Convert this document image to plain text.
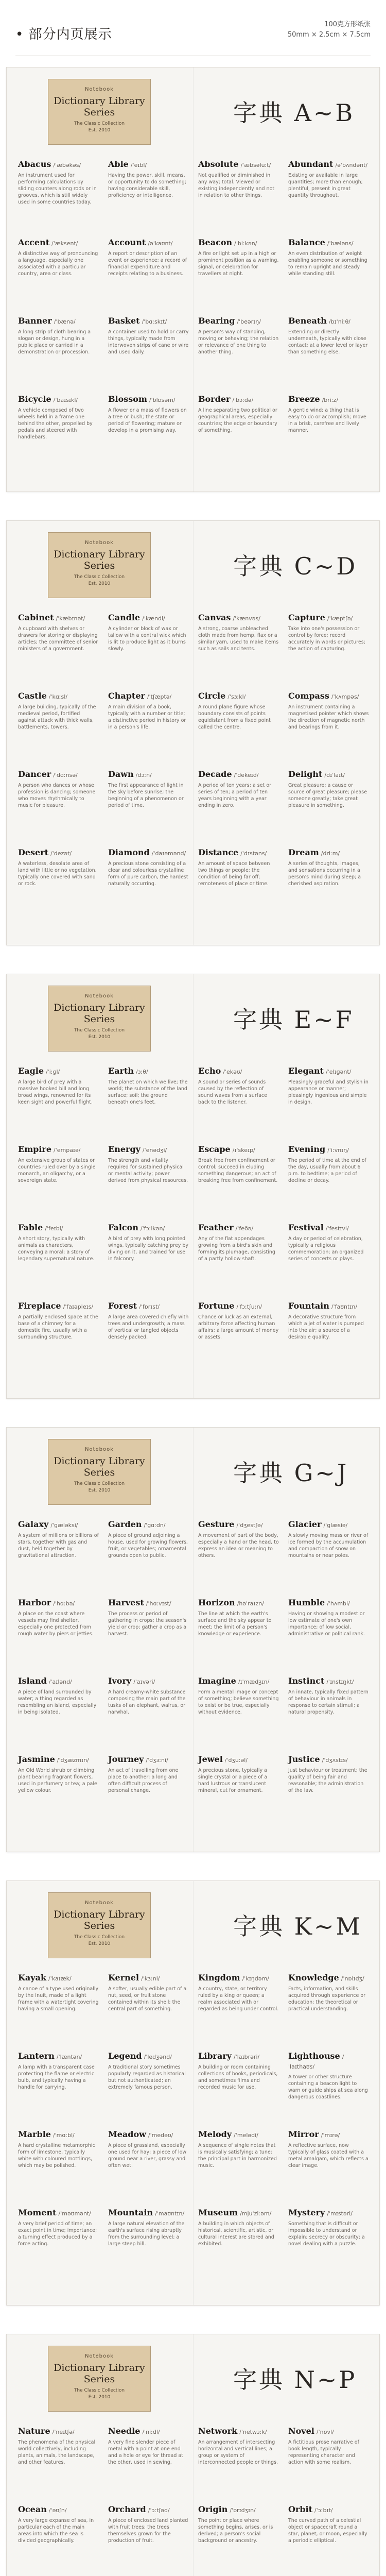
• 部分内页展示
100克方形纸张
50mm × 2.5cm × 7.5cm
Notebook
Dictionary Library Series
The Classic Collection
Est. 2010
字典 A~B
Abacus /ˈæbəkəs/
An instrument used for performing calculations by sliding counters along rods or in grooves, which is still widely used in some countries today.
Able /ˈeɪbl/
Having the power, skill, means, or opportunity to do something; having considerable skill, proficiency or intelligence.
Absolute /ˈæbsəluːt/
Not qualified or diminished in any way; total. Viewed or existing independently and not in relation to other things.
Abundant /əˈbʌndənt/
Existing or available in large quantities; more than enough; plentiful, present in great quantity throughout.
Accent /ˈæksent/
A distinctive way of pronouncing a language, especially one associated with a particular country, area or class.
Account /əˈkaʊnt/
A report or description of an event or experience; a record of financial expenditure and receipts relating to a business.
Beacon /ˈbiːkən/
A fire or light set up in a high or prominent position as a warning, signal, or celebration for travellers at night.
Balance /ˈbæləns/
An even distribution of weight enabling someone or something to remain upright and steady while standing still.
Banner /ˈbænə/
A long strip of cloth bearing a slogan or design, hung in a public place or carried in a demonstration or procession.
Basket /ˈbɑːskɪt/
A container used to hold or carry things, typically made from interwoven strips of cane or wire and used daily.
Bearing /ˈbeərɪŋ/
A person's way of standing, moving or behaving; the relation or relevance of one thing to another thing.
Beneath /bɪˈniːθ/
Extending or directly underneath, typically with close contact; at a lower level or layer than something else.
Bicycle /ˈbaɪsɪkl/
A vehicle composed of two wheels held in a frame one behind the other, propelled by pedals and steered with handlebars.
Blossom /ˈblɒsəm/
A flower or a mass of flowers on a tree or bush; the state or period of flowering; mature or develop in a promising way.
Border /ˈbɔːdə/
A line separating two political or geographical areas, especially countries; the edge or boundary of something.
Breeze /briːz/
A gentle wind; a thing that is easy to do or accomplish; move in a brisk, carefree and lively manner.
Notebook
Dictionary Library Series
The Classic Collection
Est. 2010
字典 C~D
Cabinet /ˈkæbɪnət/
A cupboard with shelves or drawers for storing or displaying articles; the committee of senior ministers of a government.
Candle /ˈkændl/
A cylinder or block of wax or tallow with a central wick which is lit to produce light as it burns slowly.
Canvas /ˈkænvəs/
A strong, coarse unbleached cloth made from hemp, flax or a similar yarn, used to make items such as sails and tents.
Capture /ˈkæptʃə/
Take into one's possession or control by force; record accurately in words or pictures; the action of capturing.
Castle /ˈkɑːsl/
A large building, typically of the medieval period, fortified against attack with thick walls, battlements, towers.
Chapter /ˈtʃæptə/
A main division of a book, typically with a number or title; a distinctive period in history or in a person's life.
Circle /ˈsɜːkl/
A round plane figure whose boundary consists of points equidistant from a fixed point called the centre.
Compass /ˈkʌmpəs/
An instrument containing a magnetised pointer which shows the direction of magnetic north and bearings from it.
Dancer /ˈdɑːnsə/
A person who dances or whose profession is dancing; someone who moves rhythmically to music for pleasure.
Dawn /dɔːn/
The first appearance of light in the sky before sunrise; the beginning of a phenomenon or period of time.
Decade /ˈdekeɪd/
A period of ten years; a set or series of ten; a period of ten years beginning with a year ending in zero.
Delight /dɪˈlaɪt/
Great pleasure; a cause or source of great pleasure; please someone greatly; take great pleasure in something.
Desert /ˈdezət/
A waterless, desolate area of land with little or no vegetation, typically one covered with sand or rock.
Diamond /ˈdaɪəmənd/
A precious stone consisting of a clear and colourless crystalline form of pure carbon, the hardest naturally occurring.
Distance /ˈdɪstəns/
An amount of space between two things or people; the condition of being far off; remoteness of place or time.
Dream /driːm/
A series of thoughts, images, and sensations occurring in a person's mind during sleep; a cherished aspiration.
Notebook
Dictionary Library Series
The Classic Collection
Est. 2010
字典 E~F
Eagle /ˈiːɡl/
A large bird of prey with a massive hooked bill and long broad wings, renowned for its keen sight and powerful flight.
Earth /ɜːθ/
The planet on which we live; the world; the substance of the land surface; soil; the ground beneath one's feet.
Echo /ˈekəʊ/
A sound or series of sounds caused by the reflection of sound waves from a surface back to the listener.
Elegant /ˈelɪɡənt/
Pleasingly graceful and stylish in appearance or manner; pleasingly ingenious and simple in design.
Empire /ˈempaɪə/
An extensive group of states or countries ruled over by a single monarch, an oligarchy, or a sovereign state.
Energy /ˈenədʒi/
The strength and vitality required for sustained physical or mental activity; power derived from physical resources.
Escape /ɪˈskeɪp/
Break free from confinement or control; succeed in eluding something dangerous; an act of breaking free from confinement.
Evening /ˈiːvnɪŋ/
The period of time at the end of the day, usually from about 6 p.m. to bedtime; a period of decline or decay.
Fable /ˈfeɪbl/
A short story, typically with animals as characters, conveying a moral; a story of legendary supernatural nature.
Falcon /ˈfɔːlkən/
A bird of prey with long pointed wings, typically catching prey by diving on it, and trained for use in falconry.
Feather /ˈfeðə/
Any of the flat appendages growing from a bird's skin and forming its plumage, consisting of a partly hollow shaft.
Festival /ˈfestɪvl/
A day or period of celebration, typically a religious commemoration; an organized series of concerts or plays.
Fireplace /ˈfaɪəpleɪs/
A partially enclosed space at the base of a chimney for a domestic fire, usually with a surrounding structure.
Forest /ˈfɒrɪst/
A large area covered chiefly with trees and undergrowth; a mass of vertical or tangled objects densely packed.
Fortune /ˈfɔːtʃuːn/
Chance or luck as an external, arbitrary force affecting human affairs; a large amount of money or assets.
Fountain /ˈfaʊntɪn/
A decorative structure from which a jet of water is pumped into the air; a source of a desirable quality.
Notebook
Dictionary Library Series
The Classic Collection
Est. 2010
字典 G~J
Galaxy /ˈɡæləksi/
A system of millions or billions of stars, together with gas and dust, held together by gravitational attraction.
Garden /ˈɡɑːdn/
A piece of ground adjoining a house, used for growing flowers, fruit, or vegetables; ornamental grounds open to public.
Gesture /ˈdʒestʃə/
A movement of part of the body, especially a hand or the head, to express an idea or meaning to others.
Glacier /ˈɡlæsiə/
A slowly moving mass or river of ice formed by the accumulation and compaction of snow on mountains or near poles.
Harbor /ˈhɑːbə/
A place on the coast where vessels may find shelter, especially one protected from rough water by piers or jetties.
Harvest /ˈhɑːvɪst/
The process or period of gathering in crops; the season's yield or crop; gather a crop as a harvest.
Horizon /həˈraɪzn/
The line at which the earth's surface and the sky appear to meet; the limit of a person's knowledge or experience.
Humble /ˈhʌmbl/
Having or showing a modest or low estimate of one's own importance; of low social, administrative or political rank.
Island /ˈaɪlənd/
A piece of land surrounded by water; a thing regarded as resembling an island, especially in being isolated.
Ivory /ˈaɪvəri/
A hard creamy-white substance composing the main part of the tusks of an elephant, walrus, or narwhal.
Imagine /ɪˈmædʒɪn/
Form a mental image or concept of something; believe something to exist or be true, especially without evidence.
Instinct /ˈɪnstɪŋkt/
An innate, typically fixed pattern of behaviour in animals in response to certain stimuli; a natural propensity.
Jasmine /ˈdʒæzmɪn/
An Old World shrub or climbing plant bearing fragrant flowers, used in perfumery or tea; a pale yellow colour.
Journey /ˈdʒɜːni/
An act of travelling from one place to another; a long and often difficult process of personal change.
Jewel /ˈdʒuːəl/
A precious stone, typically a single crystal or a piece of a hard lustrous or translucent mineral, cut for ornament.
Justice /ˈdʒʌstɪs/
Just behaviour or treatment; the quality of being fair and reasonable; the administration of the law.
Notebook
Dictionary Library Series
The Classic Collection
Est. 2010
字典 K~M
Kayak /ˈkaɪæk/
A canoe of a type used originally by the Inuit, made of a light frame with a watertight covering having a small opening.
Kernel /ˈkɜːnl/
A softer, usually edible part of a nut, seed, or fruit stone contained within its shell; the central part of something.
Kingdom /ˈkɪŋdəm/
A country, state, or territory ruled by a king or queen; a realm associated with or regarded as being under control.
Knowledge /ˈnɒlɪdʒ/
Facts, information, and skills acquired through experience or education; the theoretical or practical understanding.
Lantern /ˈlæntən/
A lamp with a transparent case protecting the flame or electric bulb, and typically having a handle for carrying.
Legend /ˈledʒənd/
A traditional story sometimes popularly regarded as historical but not authenticated; an extremely famous person.
Library /ˈlaɪbrəri/
A building or room containing collections of books, periodicals, and sometimes films and recorded music for use.
Lighthouse /ˈlaɪthaʊs/
A tower or other structure containing a beacon light to warn or guide ships at sea along dangerous coastlines.
Marble /ˈmɑːbl/
A hard crystalline metamorphic form of limestone, typically white with coloured mottlings, which may be polished.
Meadow /ˈmedəʊ/
A piece of grassland, especially one used for hay; a piece of low ground near a river, grassy and often wet.
Melody /ˈmelədi/
A sequence of single notes that is musically satisfying; a tune; the principal part in harmonized music.
Mirror /ˈmɪrə/
A reflective surface, now typically of glass coated with a metal amalgam, which reflects a clear image.
Moment /ˈməʊmənt/
A very brief period of time; an exact point in time; importance; a turning effect produced by a force acting.
Mountain /ˈmaʊntɪn/
A large natural elevation of the earth's surface rising abruptly from the surrounding level; a large steep hill.
Museum /mjuˈziːəm/
A building in which objects of historical, scientific, artistic, or cultural interest are stored and exhibited.
Mystery /ˈmɪstəri/
Something that is difficult or impossible to understand or explain; secrecy or obscurity; a novel dealing with a puzzle.
Notebook
Dictionary Library Series
The Classic Collection
Est. 2010
字典 N~P
Nature /ˈneɪtʃə/
The phenomena of the physical world collectively, including plants, animals, the landscape, and other features.
Needle /ˈniːdl/
A very fine slender piece of metal with a point at one end and a hole or eye for thread at the other, used in sewing.
Network /ˈnetwɜːk/
An arrangement of intersecting horizontal and vertical lines; a group or system of interconnected people or things.
Novel /ˈnɒvl/
A fictitious prose narrative of book length, typically representing character and action with some realism.
Ocean /ˈəʊʃn/
A very large expanse of sea, in particular each of the main areas into which the sea is divided geographically.
Orchard /ˈɔːtʃəd/
A piece of enclosed land planted with fruit trees; the trees themselves grown for the production of fruit.
Origin /ˈɒrɪdʒɪn/
The point or place where something begins, arises, or is derived; a person's social background or ancestry.
Orbit /ˈɔːbɪt/
The curved path of a celestial object or spacecraft round a star, planet, or moon, especially a periodic elliptical.
